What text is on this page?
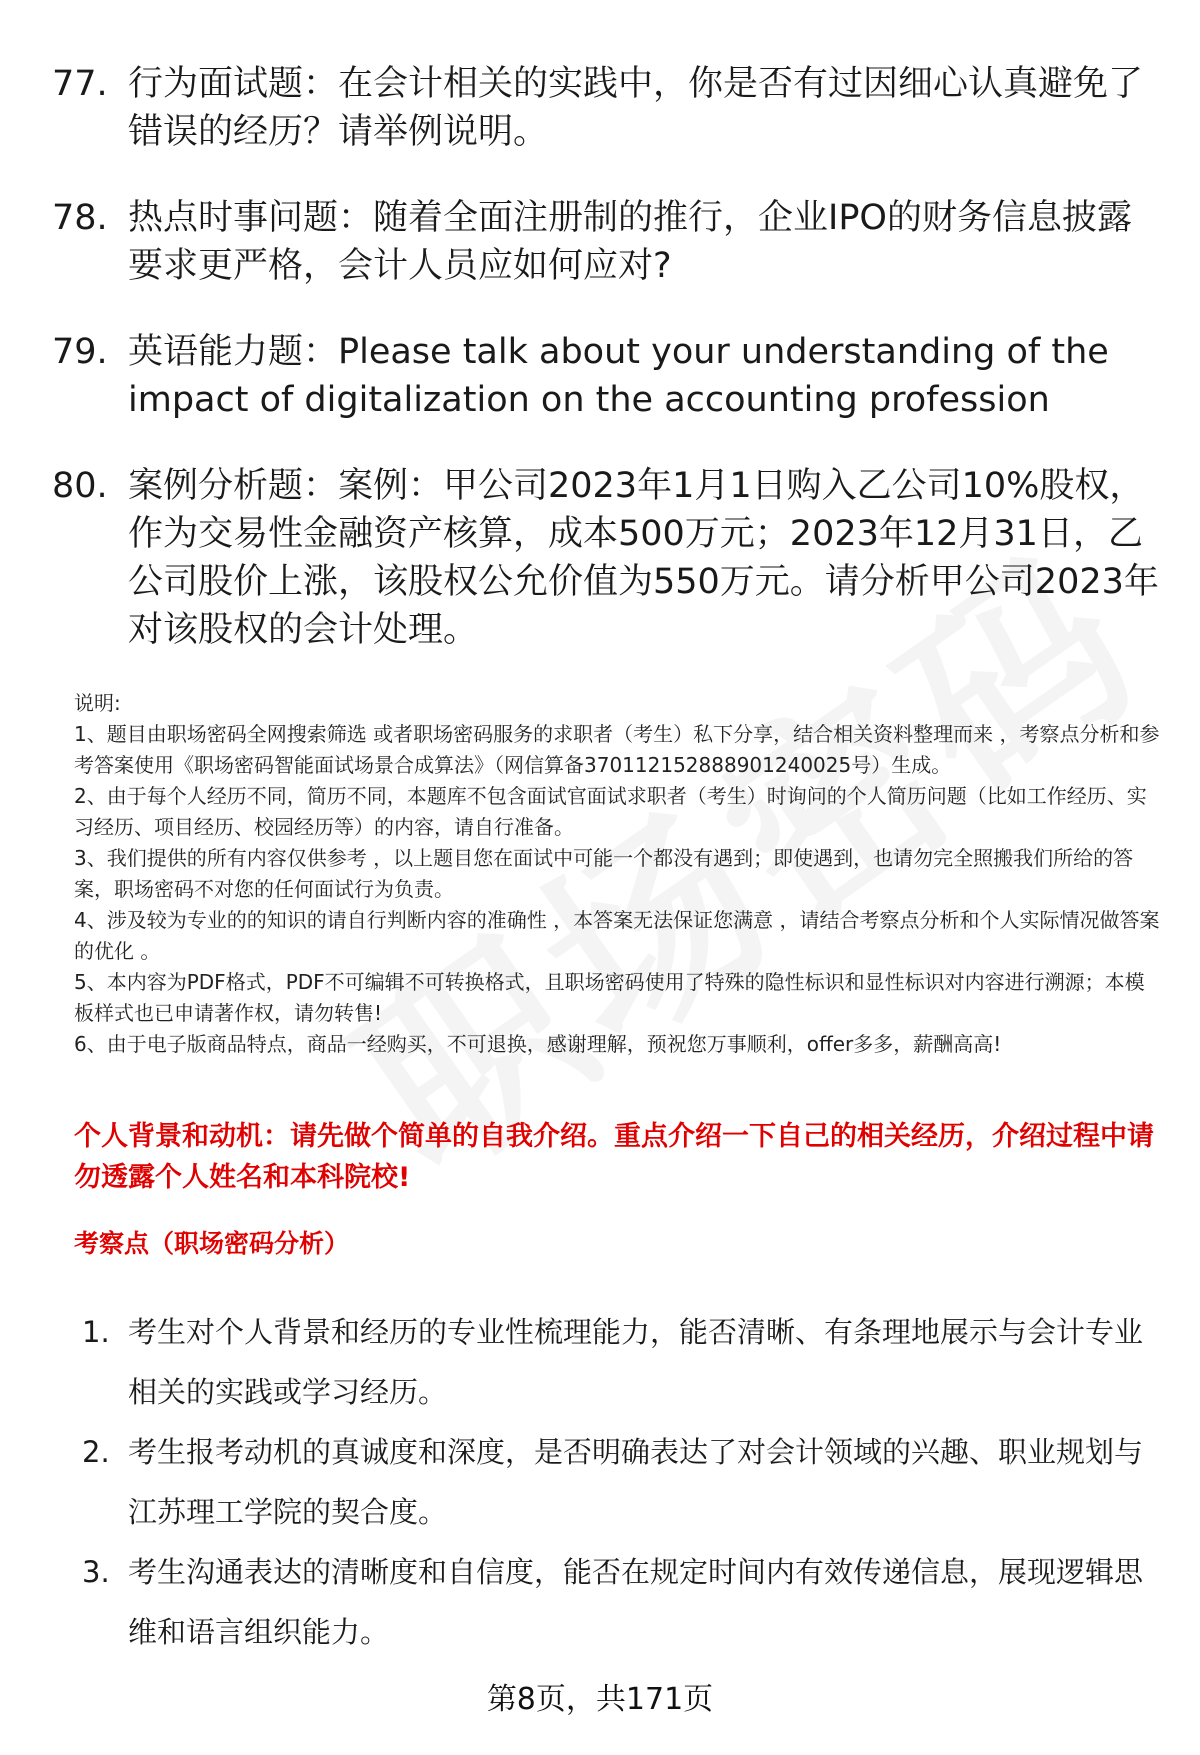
77. 行为面试题：在会计相关的实践中，你是否有过因细心认真避免了错误的经历？请举例说明。
78. 热点时事问题：随着全面注册制的推行，企业IPO的财务信息披露要求更严格，会计人员应如何应对?
79. 英语能力题：Please talk about your understanding of the impact of digitalization on the accounting profession
80. 案例分析题：案例：甲公司2023年1月1日购入乙公司10%股权，作为交易性金融资产核算，成本500万元；2023年12月31日，乙公司股价上涨，该股权公允价值为550万元。请分析甲公司2023年对该股权的会计处理。

说明:

1、题目由职场密码全网搜索筛选 或者职场密码服务的求职者（考生）私下分享，结合相关资料整理而来 ，考察点分析和参考答案使用《职场密码智能面试场景合成算法》（网信算备370112152888901240025号）生成。

2、由于每个人经历不同，简历不同，本题库不包含面试官面试求职者（考生）时询问的个人简历问题（比如工作经历、实习经历、项目经历、校园经历等）的内容，请自行准备。

3、我们提供的所有内容仅供参考 ，以上题目您在面试中可能一个都没有遇到；即使遇到，也请勿完全照搬我们所给的答案，职场密码不对您的任何面试行为负责。

4、涉及较为专业的的知识的请自行判断内容的准确性 ，本答案无法保证您满意 ，请结合考察点分析和个人实际情况做答案的优化 。

5、本内容为PDF格式，PDF不可编辑不可转换格式，且职场密码使用了特殊的隐性标识和显性标识对内容进行溯源；本模板样式也已申请著作权，请勿转售!

6、由于电子版商品特点，商品一经购买，不可退换，感谢理解，预祝您万事顺利，offer多多，薪酬高高!

个人背景和动机：请先做个简单的自我介绍。重点介绍一下自己的相关经历，介绍过程中请勿透露个人姓名和本科院校!
考察点（职场密码分析）
1. 考生对个人背景和经历的专业性梳理能力，能否清晰、有条理地展示与会计专业相关的实践或学习经历。
2. 考生报考动机的真诚度和深度，是否明确表达了对会计领域的兴趣、职业规划与江苏理工学院的契合度。
3. 考生沟通表达的清晰度和自信度，能否在规定时间内有效传递信息，展现逻辑思维和语言组织能力。
第8页，共171页
